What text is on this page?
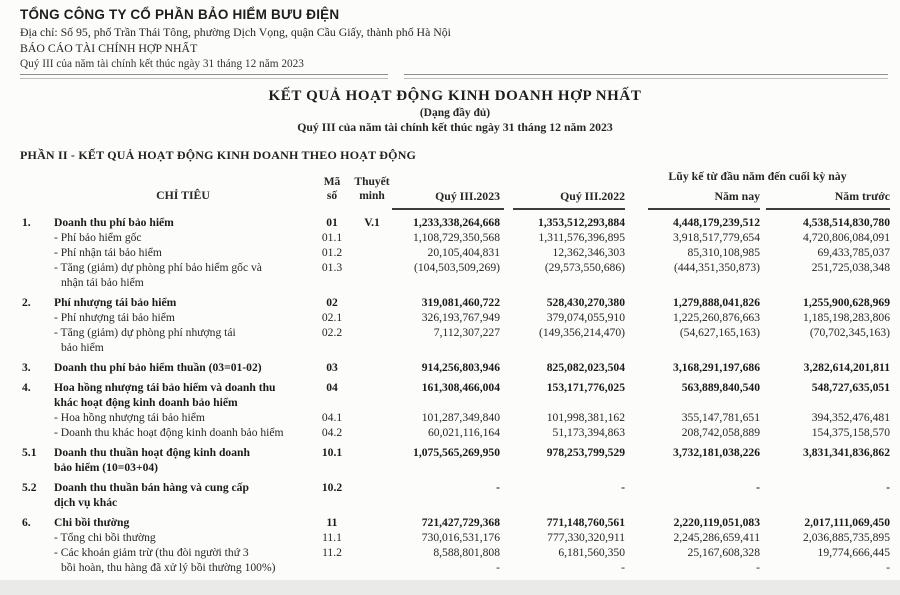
TỔNG CÔNG TY CỔ PHẦN BẢO HIỂM BƯU ĐIỆN
Địa chỉ: Số 95, phố Trần Thái Tông, phường Dịch Vọng, quận Cầu Giấy, thành phố Hà Nội
BÁO CÁO TÀI CHÍNH HỢP NHẤT
Quý III của năm tài chính kết thúc ngày 31 tháng 12 năm 2023
KẾT QUẢ HOẠT ĐỘNG KINH DOANH HỢP NHẤT
(Dạng đầy đủ)
Quý III của năm tài chính kết thúc ngày 31 tháng 12 năm 2023
PHẦN II - KẾT QUẢ HOẠT ĐỘNG KINH DOANH THEO HOẠT ĐỘNG
CHỈ TIÊU
Mã
số
Thuyết
minh	Quý III.2023	Quý III.2022
Lũy kế từ đầu năm đến cuối kỳ này
Năm nay	Năm trước
1.	Doanh thu phí bảo hiểm	01	V.1	1,233,338,264,668	1,353,512,293,884	4,448,179,239,512	4,538,514,830,780
- Phí bảo hiểm gốc	01.1	1,108,729,350,568	1,311,576,396,895	3,918,517,779,654	4,720,806,084,091
- Phí nhận tái bảo hiểm	01.2	20,105,404,831	12,362,346,303	85,310,108,985	69,433,785,037
- Tăng (giảm) dự phòng phí bảo hiểm gốc và	01.3	(104,503,509,269)	(29,573,550,686)	(444,351,350,873)	251,725,038,348
nhận tái bảo hiểm
2.	Phí nhượng tái bảo hiểm	02	319,081,460,722	528,430,270,380	1,279,888,041,826	1,255,900,628,969
- Phí nhượng tái bảo hiểm	02.1	326,193,767,949	379,074,055,910	1,225,260,876,663	1,185,198,283,806
- Tăng (giảm) dự phòng phí nhượng tái	02.2	7,112,307,227	(149,356,214,470)	(54,627,165,163)	(70,702,345,163)
bảo hiểm
3.	Doanh thu phí bảo hiểm thuần (03=01-02)	03	914,256,803,946	825,082,023,504	3,168,291,197,686	3,282,614,201,811
4.	Hoa hồng nhượng tái bảo hiểm và doanh thu	04	161,308,466,004	153,171,776,025	563,889,840,540	548,727,635,051
khác hoạt động kinh doanh bảo hiểm
- Hoa hồng nhượng tái bảo hiểm	04.1	101,287,349,840	101,998,381,162	355,147,781,651	394,352,476,481
- Doanh thu khác hoạt động kinh doanh bảo hiểm	04.2	60,021,116,164	51,173,394,863	208,742,058,889	154,375,158,570
5.1	Doanh thu thuần hoạt động kinh doanh	10.1	1,075,565,269,950	978,253,799,529	3,732,181,038,226	3,831,341,836,862
bảo hiểm (10=03+04)
5.2	Doanh thu thuần bán hàng và cung cấp	10.2	-	-	-	-
dịch vụ khác
6.	Chi bồi thường	11	721,427,729,368	771,148,760,561	2,220,119,051,083	2,017,111,069,450
- Tổng chi bồi thường	11.1	730,016,531,176	777,330,320,911	2,245,286,659,411	2,036,885,735,895
- Các khoản giảm trừ (thu đòi người thứ 3	11.2	8,588,801,808	6,181,560,350	25,167,608,328	19,774,666,445
bồi hoàn, thu hàng đã xử lý bồi thường 100%)	-	-	-	-
